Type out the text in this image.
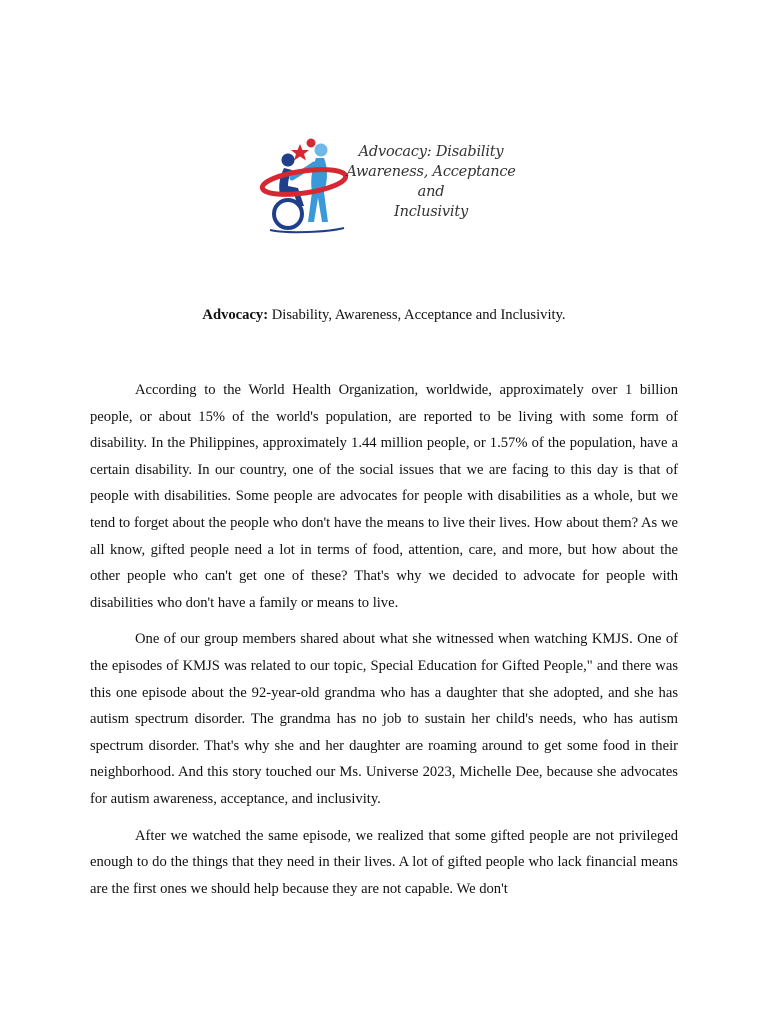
Advocacy: Disability
Awareness, Acceptance and
Inclusivity
Advocacy: Disability, Awareness, Acceptance and Inclusivity.

According to the World Health Organization, worldwide, approximately over 1 billion people, or about 15% of the world's population, are reported to be living with some form of disability. In the Philippines, approximately 1.44 million people, or 1.57% of the population, have a certain disability. In our country, one of the social issues that we are facing to this day is that of people with disabilities. Some people are advocates for people with disabilities as a whole, but we tend to forget about the people who don't have the means to live their lives. How about them? As we all know, gifted people need a lot in terms of food, attention, care, and more, but how about the other people who can't get one of these? That's why we decided to advocate for people with disabilities who don't have a family or means to live.

One of our group members shared about what she witnessed when watching KMJS. One of the episodes of KMJS was related to our topic, Special Education for Gifted People," and there was this one episode about the 92-year-old grandma who has a daughter that she adopted, and she has autism spectrum disorder. The grandma has no job to sustain her child's needs, who has autism spectrum disorder. That's why she and her daughter are roaming around to get some food in their neighborhood. And this story touched our Ms. Universe 2023, Michelle Dee, because she advocates for autism awareness, acceptance, and inclusivity.

After we watched the same episode, we realized that some gifted people are not privileged enough to do the things that they need in their lives. A lot of gifted people who lack financial means are the first ones we should help because they are not capable. We don't
